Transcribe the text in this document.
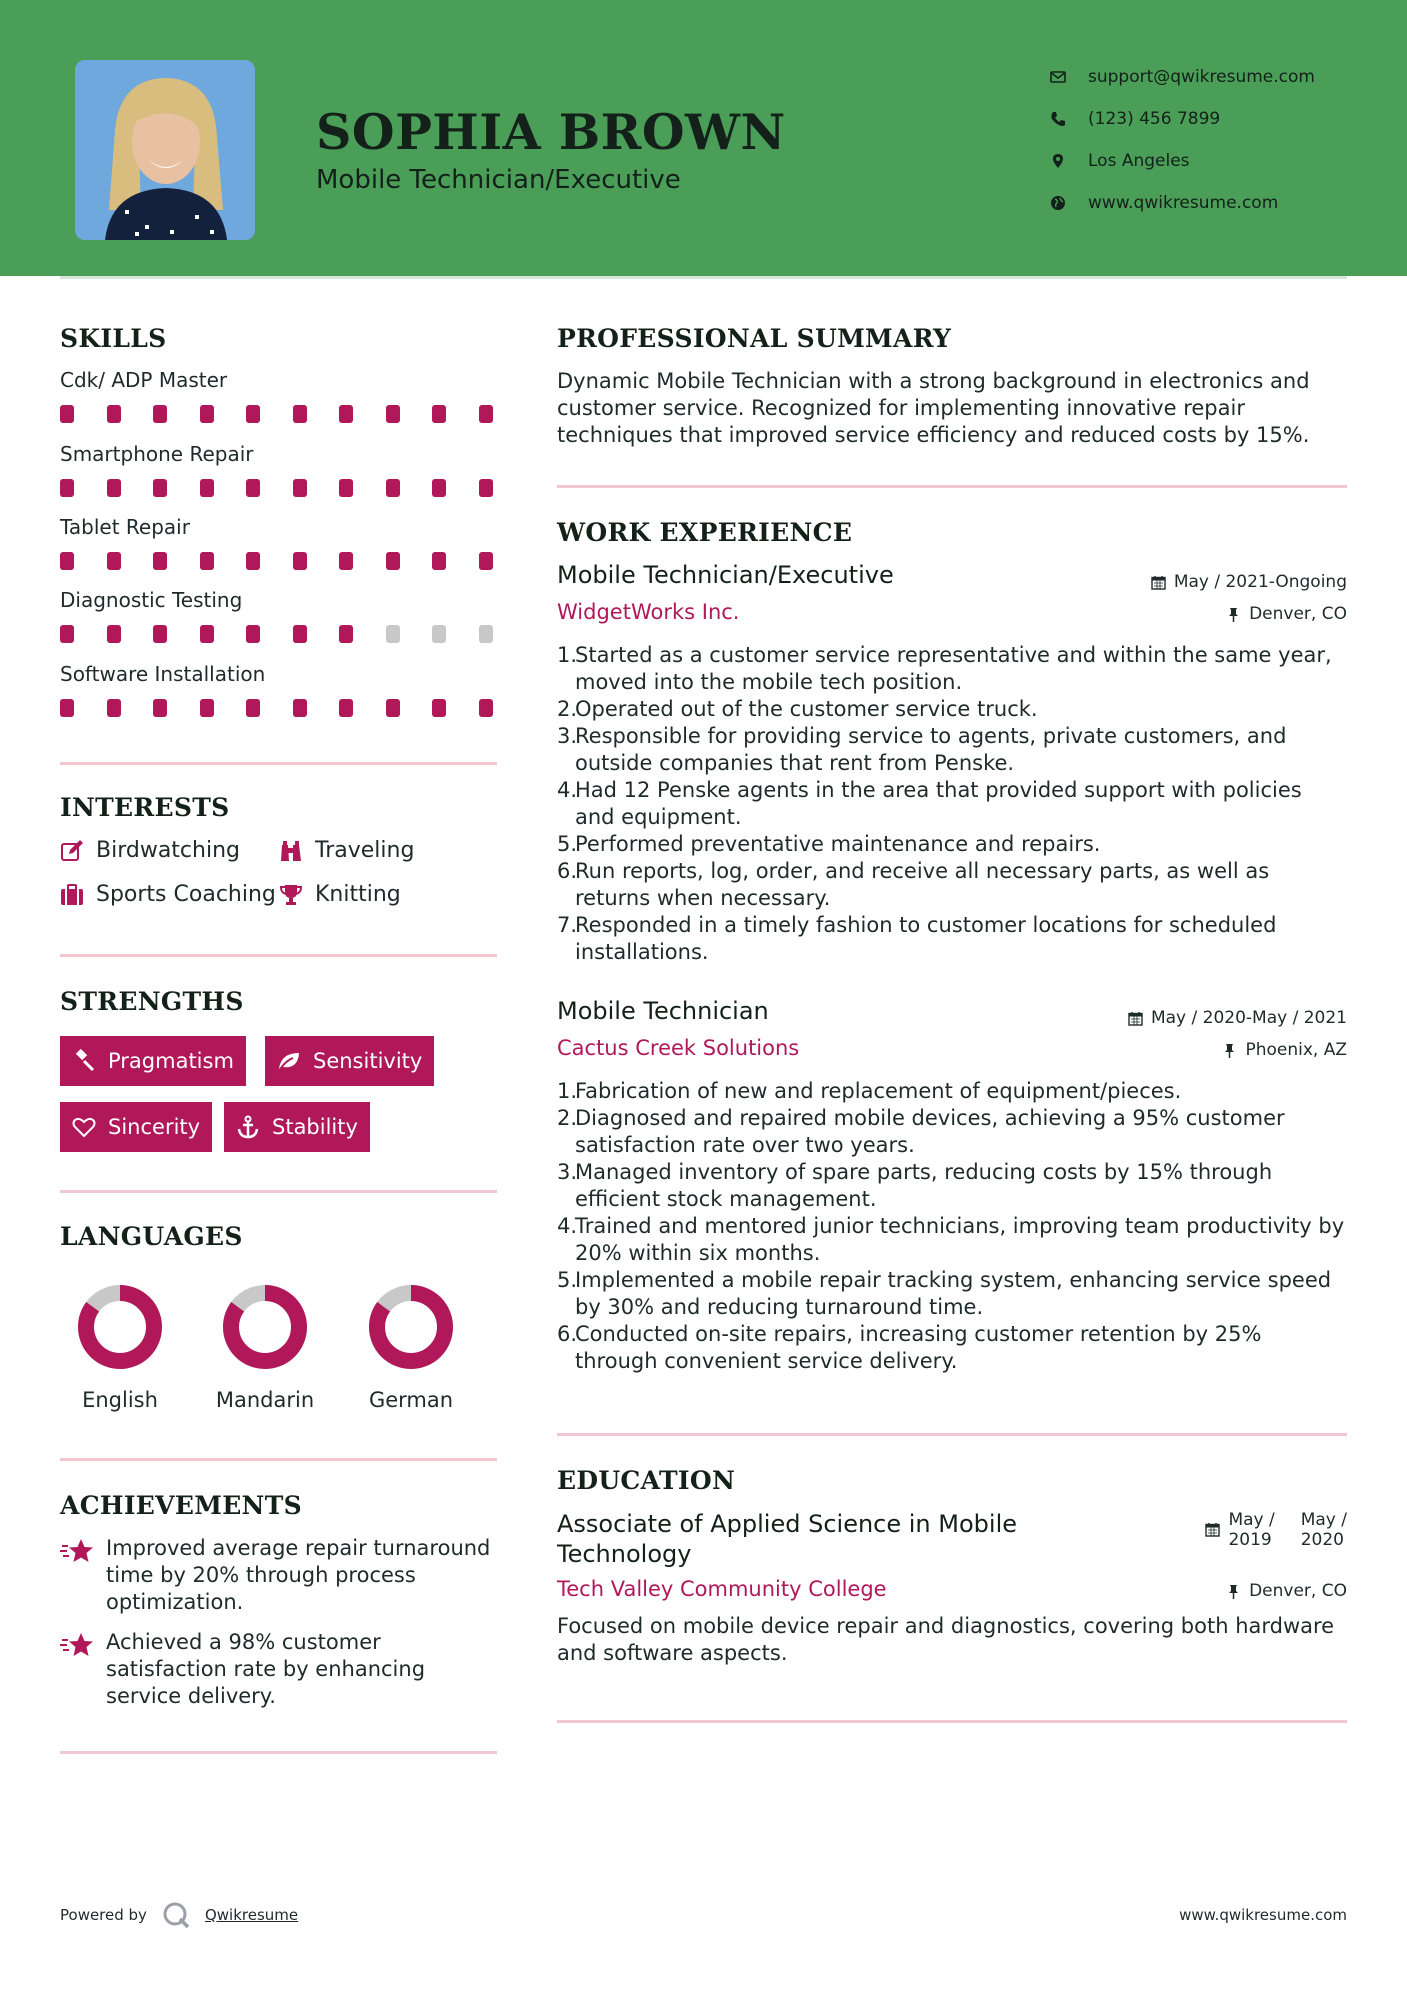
SOPHIA BROWN
Mobile Technician/Executive
support@qwikresume.com
(123) 456 7899
Los Angeles
www.qwikresume.com
SKILLS
Cdk/ ADP Master
Smartphone Repair
Tablet Repair
Diagnostic Testing
Software Installation
INTERESTS
Birdwatching	Traveling
Sports Coaching Knitting
STRENGTHS
Pragmatism	Sensitivity
Sincerity	Stability
LANGUAGES
English	Mandarin	German
ACHIEVEMENTS
Improved average repair turnaround time by 20% through process optimization.
Achieved a 98% customer satisfaction rate by enhancing service delivery.
PROFESSIONAL SUMMARY
Dynamic Mobile Technician with a strong background in electronics and customer service. Recognized for implementing innovative repair techniques that improved service efficiency and reduced costs by 15%.
WORK EXPERIENCE
Mobile Technician/Executive	May / 2021-Ongoing
WidgetWorks Inc.	Denver, CO
1.
Started as a customer service representative and within the same year, moved into the mobile tech position.
2.
Operated out of the customer service truck.
3.
Responsible for providing service to agents, private customers, and outside companies that rent from Penske.
4.
Had 12 Penske agents in the area that provided support with policies and equipment.
5.
Performed preventative maintenance and repairs.
6.
Run reports, log, order, and receive all necessary parts, as well as returns when necessary.
7.
Responded in a timely fashion to customer locations for scheduled installations.
Mobile Technician	May / 2020-May / 2021
Cactus Creek Solutions	Phoenix, AZ
1.
Fabrication of new and replacement of equipment/pieces.
2.
Diagnosed and repaired mobile devices, achieving a 95% customer satisfaction rate over two years.
3.
Managed inventory of spare parts, reducing costs by 15% through efficient stock management.
4.
Trained and mentored junior technicians, improving team productivity by 20% within six months.
5.
Implemented a mobile repair tracking system, enhancing service speed by 30% and reducing turnaround time.
6.
Conducted on-site repairs, increasing customer retention by 25% through convenient service delivery.
EDUCATION
Associate of Applied Science in Mobile
Technology
May /
2019
May /
2020
Tech Valley Community College	Denver, CO
Focused on mobile device repair and diagnostics, covering both hardware and software aspects.
Powered by	Qwikresume	www.qwikresume.com
